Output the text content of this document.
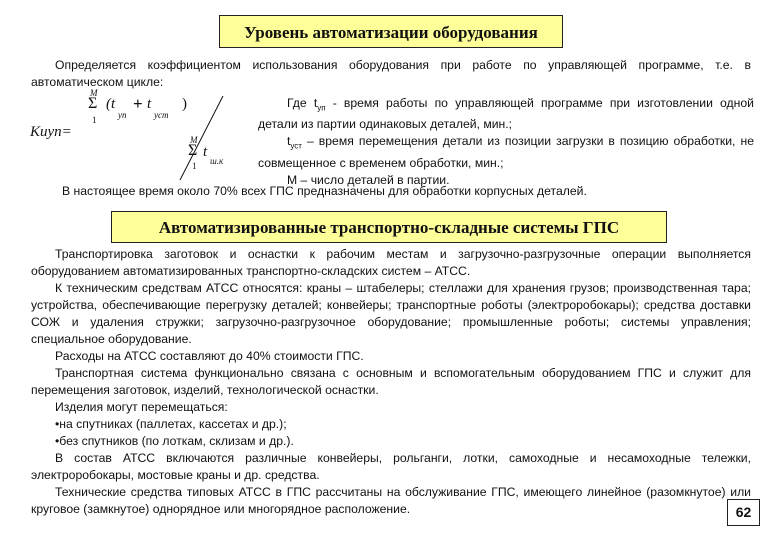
Уровень автоматизации оборудования

Определяется коэффициентом использования оборудования при работе по управляющей программе, т.е. в автоматическом цикле:

Kиуп=
M
Σ
1
(t
уп
+ t
уст
)
M
Σ
1
t
ш.к

Где $t_{уп}$ - время работы по управляющей программе при изготовлении одной детали из партии одинаковых деталей, мин.;

$t_{уст}$ – время перемещения детали из позиции загрузки в позицию обработки, не совмещенное с временем обработки, мин.;

М – число деталей в партии.

В настоящее время около 70% всех ГПС предназначены для обработки корпусных деталей.
Автоматизированные транспортно-складные системы ГПС

Транспортировка заготовок и оснастки к рабочим местам и загрузочно-разгрузочные операции выполняется оборудованием автоматизированных транспортно-складских систем – АТСС.

К техническим средствам АТСС относятся: краны – штабелеры; стеллажи для хранения грузов; производственная тара; устройства, обеспечивающие перегрузку деталей; конвейеры; транспортные роботы (электроробокары); средства доставки СОЖ и удаления стружки; загрузочно-разгрузочное оборудование; промышленные роботы; системы управления; специальное оборудование.

Расходы на АТСС составляют до 40% стоимости ГПС.

Транспортная система функционально связана с основным и вспомогательным оборудованием ГПС и служит для перемещения заготовок, изделий, технологической оснастки.

Изделия могут перемещаться:

•на спутниках (паллетах, кассетах и др.);

•без спутников (по лоткам, склизам и др.).

В состав АТСС включаются различные конвейеры, рольганги, лотки, самоходные и несамоходные тележки, электроробокары, мостовые краны и др. средства.

Технические средства типовых АТСС в ГПС рассчитаны на обслуживание ГПС, имеющего линейное (разомкнутое) или круговое (замкнутое) однорядное или многорядное расположение.	62
